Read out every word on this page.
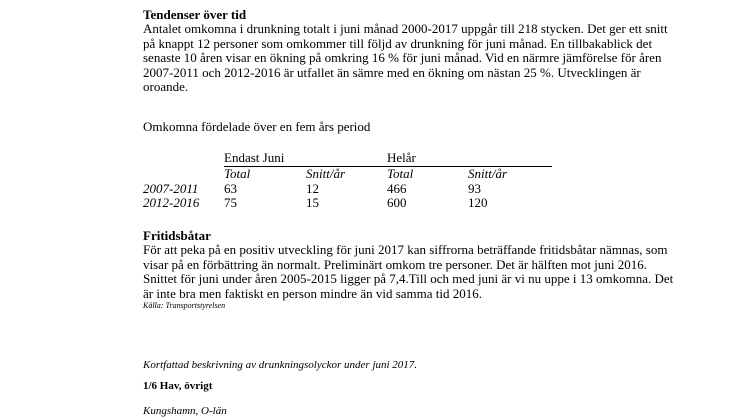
Tendenser över tid

Antalet omkomna i drunkning totalt i juni månad 2000-2017 uppgår till 218 stycken. Det ger ett snitt

på knappt 12 personer som omkommer till följd av drunkning för juni månad. En tillbakablick det

senaste 10 åren visar en ökning på omkring 16 % för juni månad. Vid en närmre jämförelse för åren

2007-2011 och 2012-2016 är utfallet än sämre med en ökning om nästan 25 %. Utvecklingen är

oroande.

Omkomna fördelade över en fem års period
	Endast Juni		Helår	
	Total	Snitt/år	Total	Snitt/år
2007-2011	63	12	466	93
2012-2016	75	15	600	120

Fritidsbåtar

För att peka på en positiv utveckling för juni 2017 kan siffrorna beträffande fritidsbåtar nämnas, som

visar på en förbättring än normalt. Preliminärt omkom tre personer. Det är hälften mot juni 2016.

Snittet för juni under åren 2005-2015 ligger på 7,4.Till och med juni är vi nu uppe i 13 omkomna. Det

är inte bra men faktiskt en person mindre än vid samma tid 2016.

Källa: Transportstyrelsen

Kortfattad beskrivning av drunkningsolyckor under juni 2017.
1/6 Hav, övrigt
Kungshamn, O-län
